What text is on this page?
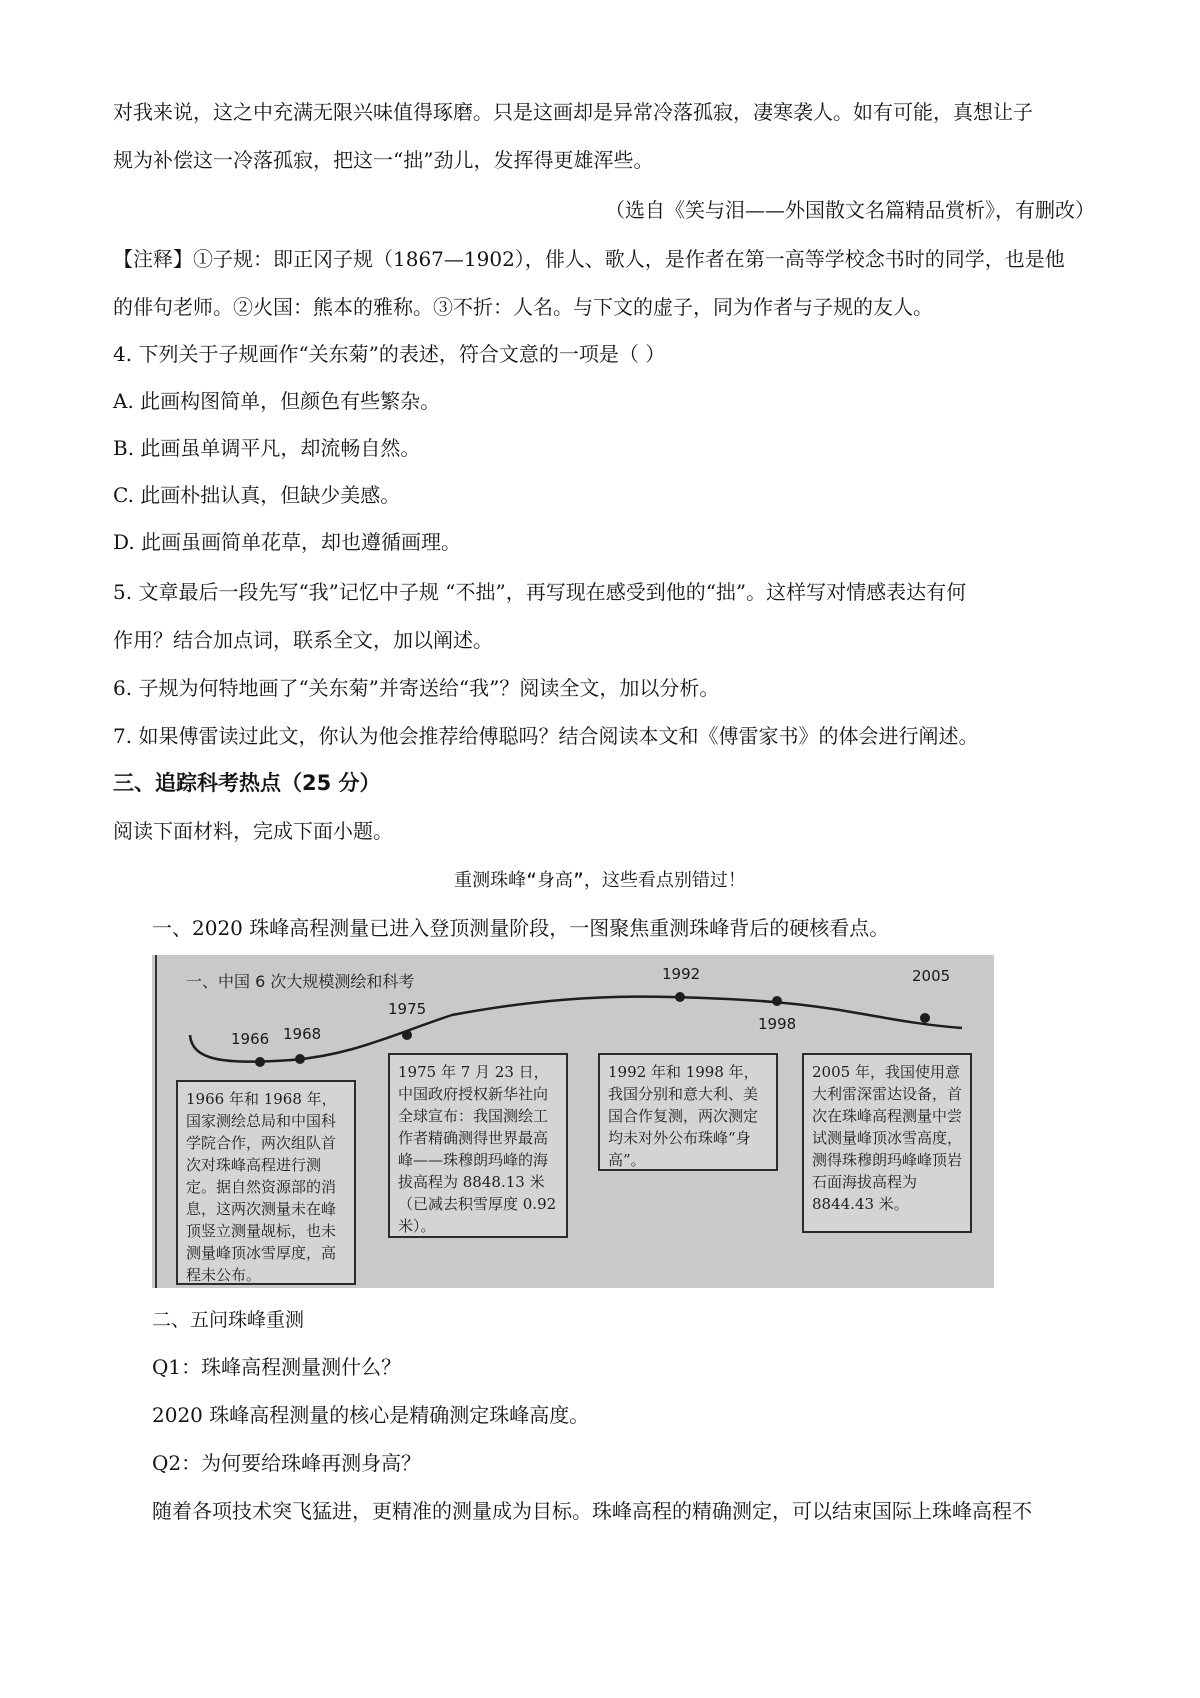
对我来说，这之中充满无限兴味值得琢磨。只是这画却是异常冷落孤寂，凄寒袭人。如有可能，真想让子
规为补偿这一冷落孤寂，把这一“拙”劲儿，发挥得更雄浑些。
（选自《笑与泪——外国散文名篇精品赏析》，有删改）
【注释】①子规：即正冈子规（1867—1902），俳人、歌人，是作者在第一高等学校念书时的同学，也是他
的俳句老师。②火国：熊本的雅称。③不折：人名。与下文的虚子，同为作者与子规的友人。
4. 下列关于子规画作“关东菊”的表述，符合文意的一项是（ ）
A. 此画构图简单，但颜色有些繁杂。
B. 此画虽单调平凡，却流畅自然。
C. 此画朴拙认真，但缺少美感。
D. 此画虽画简单花草，却也遵循画理。
5. 文章最后一段先写“我”记忆中子规 “不拙”，再写现在感受到他的“拙”。这样写对情感表达有何
作用？结合加点词，联系全文，加以阐述。
6. 子规为何特地画了“关东菊”并寄送给“我”？阅读全文，加以分析。
7. 如果傅雷读过此文，你认为他会推荐给傅聪吗？结合阅读本文和《傅雷家书》的体会进行阐述。
三、追踪科考热点（25 分）
阅读下面材料，完成下面小题。
重测珠峰“身高”，这些看点别错过！
一、2020 珠峰高程测量已进入登顶测量阶段，一图聚焦重测珠峰背后的硬核看点。
一、中国 6 次大规模测绘和科考
1966 1968
1975
1992
1998
2005
1966 年和 1968 年，国家测绘总局和中国科学院合作，两次组队首次对珠峰高程进行测定。据自然资源部的消息，这两次测量未在峰顶竖立测量觇标，也未测量峰顶冰雪厚度，高程未公布。
1975 年 7 月 23 日，中国政府授权新华社向全球宣布：我国测绘工作者精确测得世界最高峰——珠穆朗玛峰的海拔高程为 8848.13 米（已减去积雪厚度 0.92 米）。
1992 年和 1998 年，我国分别和意大利、美国合作复测，两次测定均未对外公布珠峰“身高”。
2005 年，我国使用意大利雷深雷达设备，首次在珠峰高程测量中尝试测量峰顶冰雪高度，测得珠穆朗玛峰峰顶岩石面海拔高程为 8844.43 米。
二、五问珠峰重测
Q1：珠峰高程测量测什么？
2020 珠峰高程测量的核心是精确测定珠峰高度。
Q2：为何要给珠峰再测身高？
随着各项技术突飞猛进，更精准的测量成为目标。珠峰高程的精确测定，可以结束国际上珠峰高程不
